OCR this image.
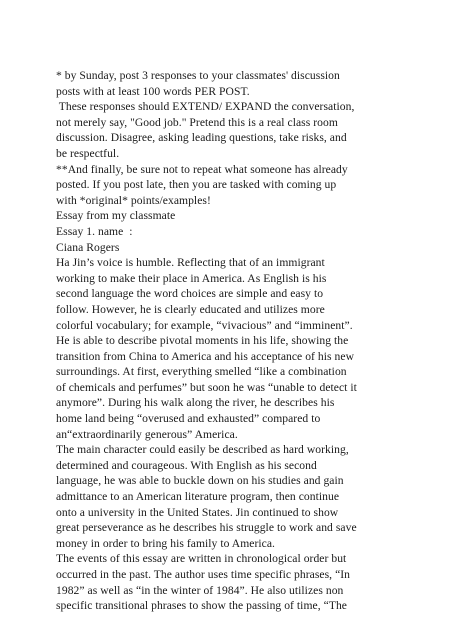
* by Sunday, post 3 responses to your classmates' discussion
posts with at least 100 words PER POST.
These responses should EXTEND/ EXPAND the conversation,
not merely say, "Good job." Pretend this is a real class room
discussion. Disagree, asking leading questions, take risks, and
be respectful.
**And finally, be sure not to repeat what someone has already
posted. If you post late, then you are tasked with coming up
with *original* points/examples!
Essay from my classmate
Essay 1. name  :
Ciana Rogers
Ha Jin’s voice is humble. Reflecting that of an immigrant
working to make their place in America. As English is his
second language the word choices are simple and easy to
follow. However, he is clearly educated and utilizes more
colorful vocabulary; for example, “vivacious” and “imminent”.
He is able to describe pivotal moments in his life, showing the
transition from China to America and his acceptance of his new
surroundings. At first, everything smelled “like a combination
of chemicals and perfumes” but soon he was “unable to detect it
anymore”. During his walk along the river, he describes his
home land being “overused and exhausted” compared to
an“extraordinarily generous” America.
The main character could easily be described as hard working,
determined and courageous. With English as his second
language, he was able to buckle down on his studies and gain
admittance to an American literature program, then continue
onto a university in the United States. Jin continued to show
great perseverance as he describes his struggle to work and save
money in order to bring his family to America.
The events of this essay are written in chronological order but
occurred in the past. The author uses time specific phrases, “In
1982” as well as “in the winter of 1984”. He also utilizes non
specific transitional phrases to show the passing of time, “The
